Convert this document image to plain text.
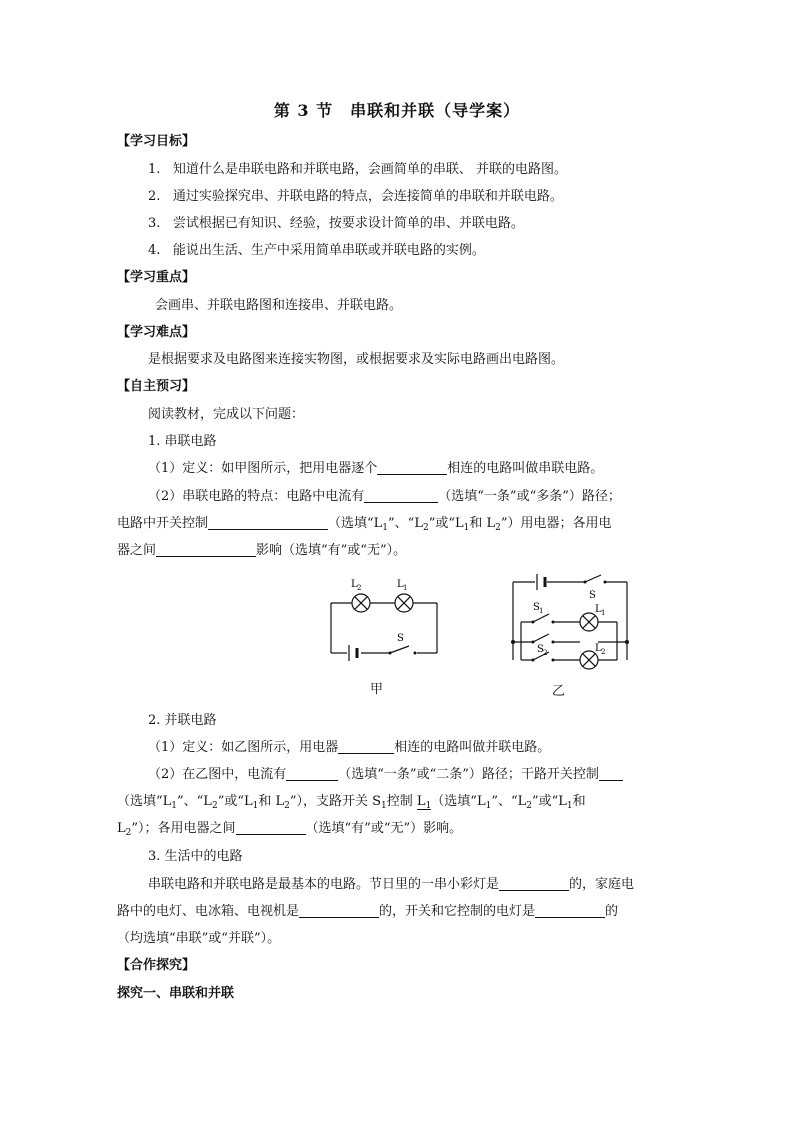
第 3 节　串联和并联（导学案）
【学习目标】
1. 知道什么是串联电路和并联电路，会画简单的串联、 并联的电路图。
2. 通过实验探究串、并联电路的特点，会连接简单的串联和并联电路。
3. 尝试根据已有知识、经验，按要求设计简单的串、并联电路。
4. 能说出生活、生产中采用简单串联或并联电路的实例。
【学习重点】
会画串、并联电路图和连接串、并联电路。
【学习难点】
是根据要求及电路图来连接实物图，或根据要求及实际电路画出电路图。
【自主预习】
阅读教材，完成以下问题：
1. 串联电路
（1）定义：如甲图所示，把用电器逐个	相连的电路叫做串联电路。
（2）串联电路的特点：电路中电流有	（选填“一条”或“多条”）路径；
电路中开关控制	（选填“$L_1$”、“$L_2$”或“$L_1$和 $L_2$”）用电器；各用电
器之间	影响（选填“有”或“无”）。
L 2	L 1
S
S
S 1	L 1
S 2	L 2
甲	乙
2. 并联电路
（1）定义：如乙图所示，用电器	相连的电路叫做并联电路。
（2）在乙图中，电流有	（选填“一条”或“二条”）路径；干路开关控制
（选填“$L_1$”、“$L_2$”或“$L_1$和 $L_2$”），支路开关 $S_1$控制 $L_1$（选填“$L_1$”、“$L_2$”或“$L_1$和
$L_2$”）；各用电器之间	（选填“有”或“无”）影响。
3. 生活中的电路
串联电路和并联电路是最基本的电路。节日里的一串小彩灯是	的，家庭电
路中的电灯、电冰箱、电视机是	的，开关和它控制的电灯是	的
（均选填“串联”或“并联”）。
【合作探究】
探究一、串联和并联
